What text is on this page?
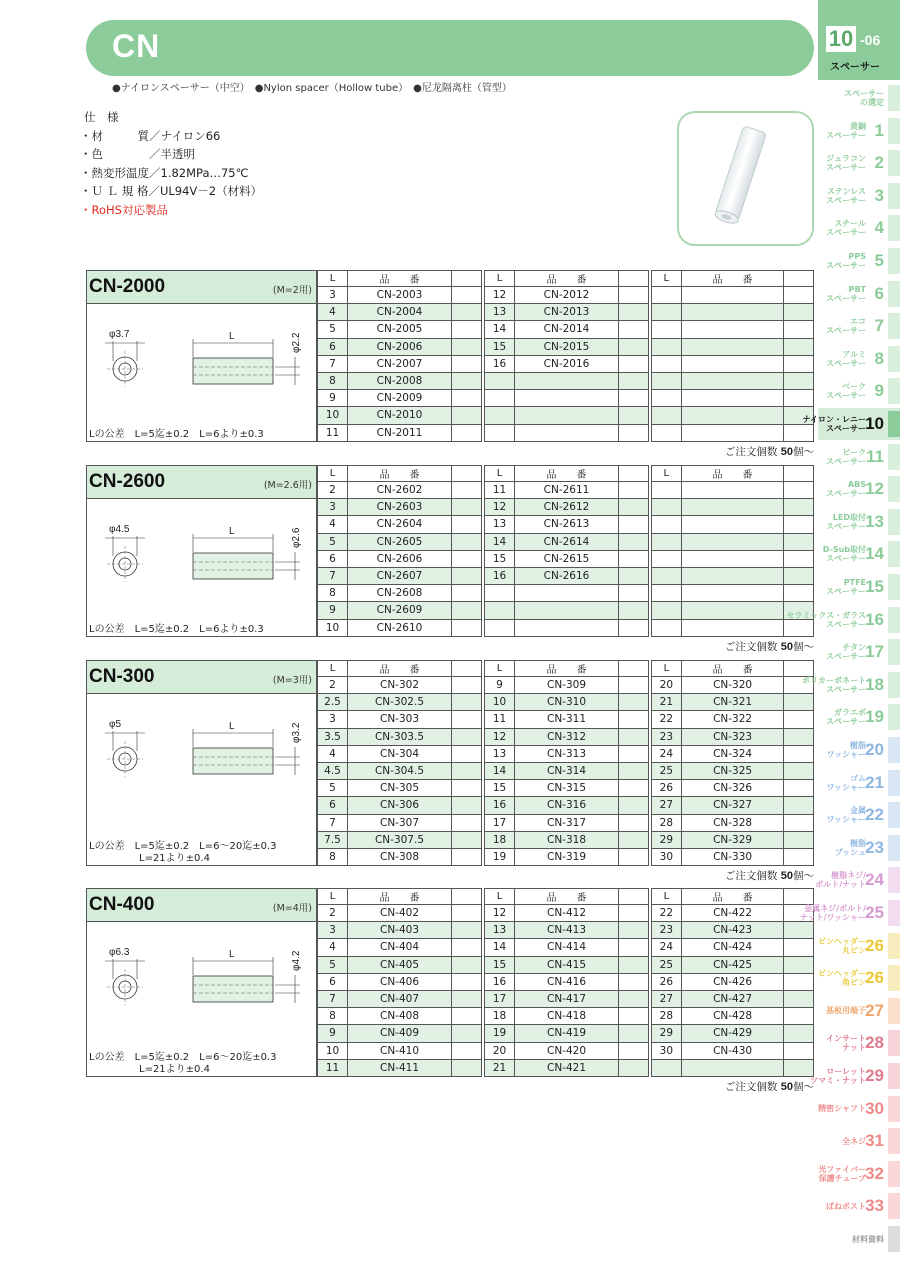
CN
●ナイロンスペーサー（中空）　●Nylon spacer（Hollow tube）　●尼龙隔离柱（管型）
仕　様
・材　　　質／ナイロン66
・色　　　　／半透明
・熱変形温度／1.82MPa…75℃
・Ｕ Ｌ 規 格／UL94V－2（材料）
・RoHS対応製品
CN-2000	(M=2用)
φ3.7	L	φ2.2
Lの公差　L=5迄±0.2　L=6より±0.3
L	品　　番	
3	CN-2003	
4	CN-2004	
5	CN-2005	
6	CN-2006	
7	CN-2007	
8	CN-2008	
9	CN-2009	
10	CN-2010	
11	CN-2011	
L	品　　番	
12	CN-2012	
13	CN-2013	
14	CN-2014	
15	CN-2015	
16	CN-2016	

L	品　　番	

ご注文個数 50個～
CN-2600	(M=2.6用)
φ4.5	L	φ2.6
Lの公差　L=5迄±0.2　L=6より±0.3
L	品　　番	
2	CN-2602	
3	CN-2603	
4	CN-2604	
5	CN-2605	
6	CN-2606	
7	CN-2607	
8	CN-2608	
9	CN-2609	
10	CN-2610	
L	品　　番	
11	CN-2611	
12	CN-2612	
13	CN-2613	
14	CN-2614	
15	CN-2615	
16	CN-2616	

L	品　　番	

ご注文個数 50個～
CN-300	(M=3用)
φ5	L	φ3.2
Lの公差　L=5迄±0.2　L=6～20迄±0.3
　　　　　L=21より±0.4
L	品　　番	
2	CN-302	
2.5	CN-302.5	
3	CN-303	
3.5	CN-303.5	
4	CN-304	
4.5	CN-304.5	
5	CN-305	
6	CN-306	
7	CN-307	
7.5	CN-307.5	
8	CN-308	
L	品　　番	
9	CN-309	
10	CN-310	
11	CN-311	
12	CN-312	
13	CN-313	
14	CN-314	
15	CN-315	
16	CN-316	
17	CN-317	
18	CN-318	
19	CN-319	
L	品　　番	
20	CN-320	
21	CN-321	
22	CN-322	
23	CN-323	
24	CN-324	
25	CN-325	
26	CN-326	
27	CN-327	
28	CN-328	
29	CN-329	
30	CN-330	
ご注文個数 50個～
CN-400	(M=4用)
φ6.3	L	φ4.2
Lの公差　L=5迄±0.2　L=6～20迄±0.3
　　　　　L=21より±0.4
L	品　　番	
2	CN-402	
3	CN-403	
4	CN-404	
5	CN-405	
6	CN-406	
7	CN-407	
8	CN-408	
9	CN-409	
10	CN-410	
11	CN-411	
L	品　　番	
12	CN-412	
13	CN-413	
14	CN-414	
15	CN-415	
16	CN-416	
17	CN-417	
18	CN-418	
19	CN-419	
20	CN-420	
21	CN-421	
L	品　　番	
22	CN-422	
23	CN-423	
24	CN-424	
25	CN-425	
26	CN-426	
27	CN-427	
28	CN-428	
29	CN-429	
30	CN-430	

ご注文個数 50個～
10 -06
スペーサー
スペーサー
の選定
1
黄銅
スペーサー
2
ジュラコン
スペーサー
3
ステンレス
スペーサー
4
スチール
スペーサー
5
PPS
スペーサー
6
PBT
スペーサー
7
エコ
スペーサー
8
アルミ
スペーサー
9
ベーク
スペーサー
10
ナイロン・レニー
スペーサー
11
ピーク
スペーサー
12
ABS
スペーサー
13
LED取付
スペーサー
14
D-Sub取付
スペーサー
15
PTFE
スペーサー
16
セラミックス・ガラス
スペーサー
17
チタン
スペーサー
18
ポリカーボネート
スペーサー
19
ガラエポ
スペーサー
20
樹脂
ワッシャー
21
ゴム
ワッシャー
22
金属
ワッシャー
23
樹脂
ブッシュ
24
樹脂ネジ/
ボルト/ナット
25
金属ネジ/ボルト/
ナット/ワッシャー
26
ピンヘッダー
丸ピン
26
ピンヘッダー
角ピン
27
基板用端子
28
インサート
ナット
29
ローレット
ツマミ・ナット
30
精密シャフト
31
全ネジ
32
光ファイバー
保護チューブ
33
ばねポスト
材料資料
